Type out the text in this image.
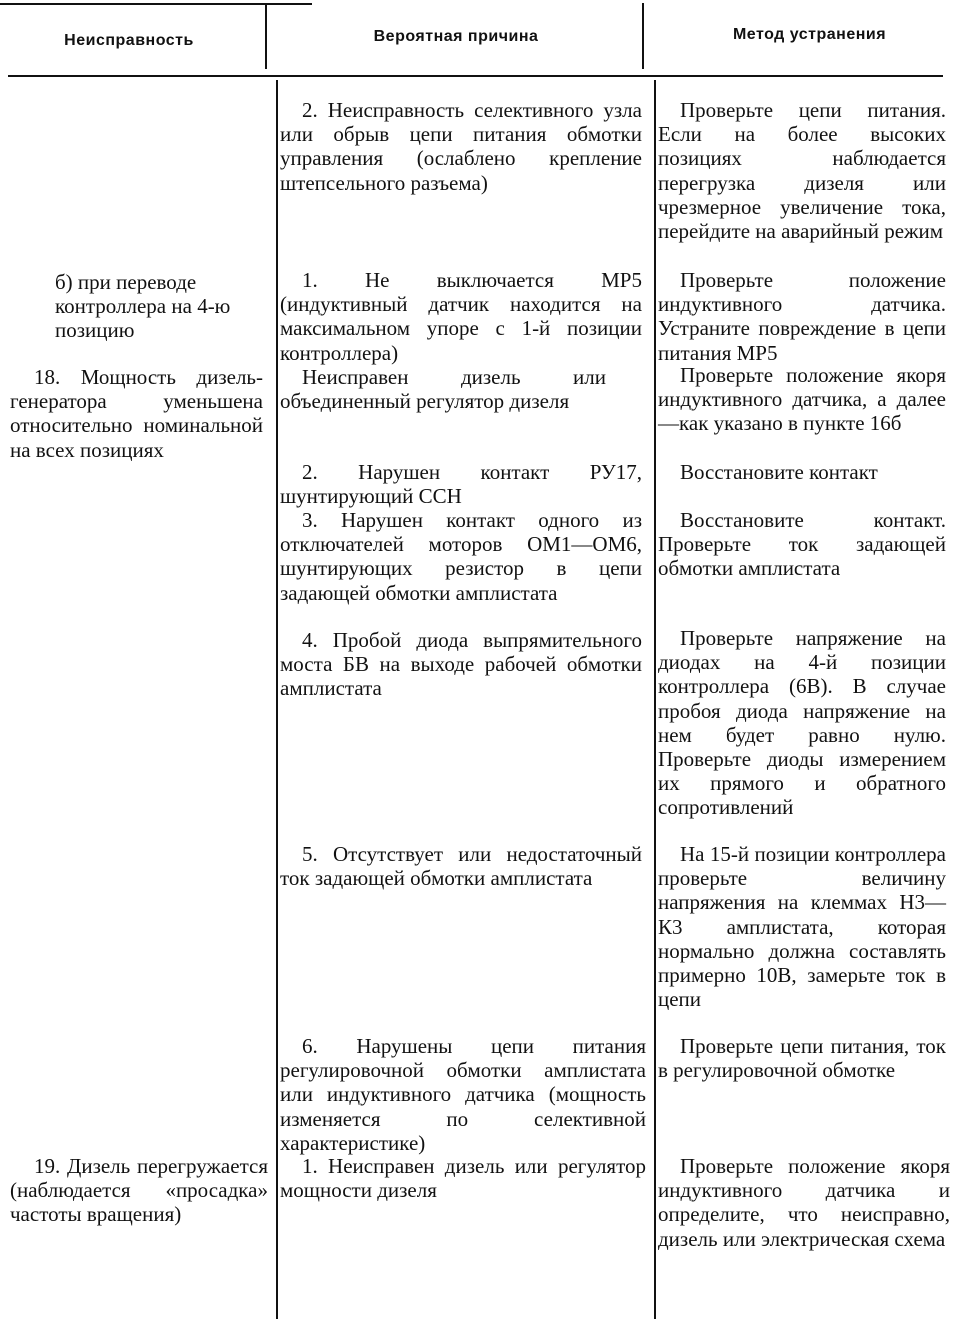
Неисправность	Вероятная причина	Метод устранения
2. Неисправность селективного узла или обрыв цепи питания обмотки управления (ослаблено крепление штепсельного разъема)
Проверьте цепи питания. Если на более высоких позициях наблюдается перегрузка дизеля или чрезмерное увеличение тока, перейдите на аварийный режим
б) при переводе контроллера на 4-ю позицию
1. Не выключается МР5 (индуктивный датчик находится на максимальном упоре с 1-й позиции контроллера)
Проверьте положение индуктивного датчика. Устраните повреждение в цепи питания МР5
18. Мощность дизель-генератора уменьшена относительно номинальной на всех позициях
Неисправен дизель или объединенный регулятор дизеля
Проверьте положение якоря индуктивного датчика, а далее—как указано в пункте 16б
2. Нарушен контакт РУ17, шунтирующий ССН
Восстановите контакт
3. Нарушен контакт одного из отключателей моторов ОМ1—ОМ6, шунтирующих резистор в цепи задающей обмотки амплистата
Восстановите контакт. Проверьте ток задающей обмотки амплистата
4. Пробой диода выпрямительного моста БВ на выходе рабочей обмотки амплистата
Проверьте напряжение на диодах на 4-й позиции контроллера (6В). В случае пробоя диода напряжение на нем будет равно нулю. Проверьте диоды измерением их прямого и обратного сопротивлений
5. Отсутствует или недостаточный ток задающей обмотки амплистата
На 15-й позиции контроллера проверьте величину напряжения на клеммах Н3—К3 амплистата, которая нормально должна составлять примерно 10В, замерьте ток в цепи
6. Нарушены цепи питания регулировочной обмотки амплистата или индуктивного датчика (мощность изменяется по селективной характеристике)
Проверьте цепи питания, ток в регулировочной обмотке
19. Дизель перегружается (наблюдается «просадка» частоты вращения)
1. Неисправен дизель или регулятор мощности дизеля
Проверьте положение якоря индуктивного датчика и определите, что неисправно, дизель или электрическая схема
